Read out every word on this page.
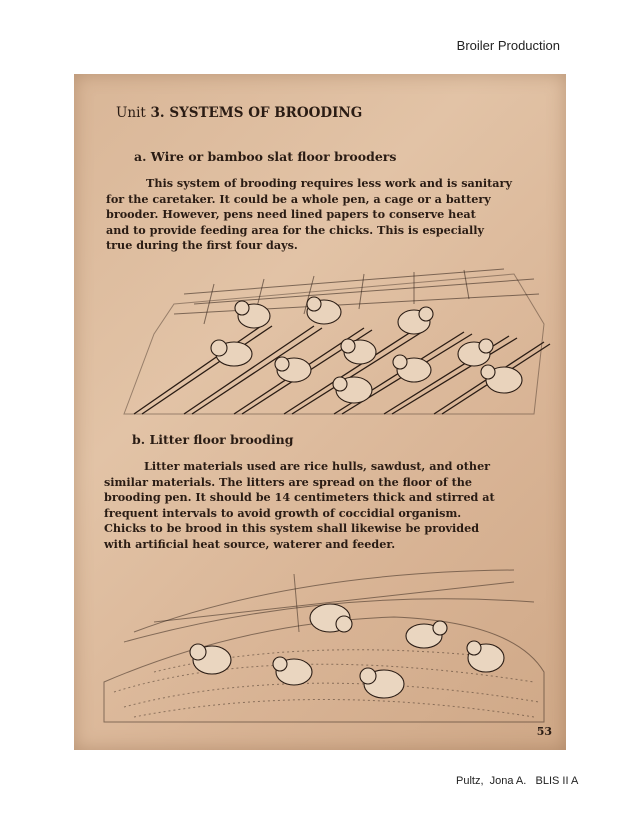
Broiler Production
Unit 3. SYSTEMS OF BROODING
a. Wire or bamboo slat floor brooders
This system of brooding requires less work and is sanitary
for the caretaker. It could be a whole pen, a cage or a battery
brooder. However, pens need lined papers to conserve heat
and to provide feeding area for the chicks. This is especially
true during the first four days.
b. Litter floor brooding
Litter materials used are rice hulls, sawdust, and other
similar materials. The litters are spread on the floor of the
brooding pen. It should be 14 centimeters thick and stirred at
frequent intervals to avoid growth of coccidial organism.
Chicks to be brood in this system shall likewise be provided
with artificial heat source, waterer and feeder.
53
Pultz,  Jona A.   BLIS II A
